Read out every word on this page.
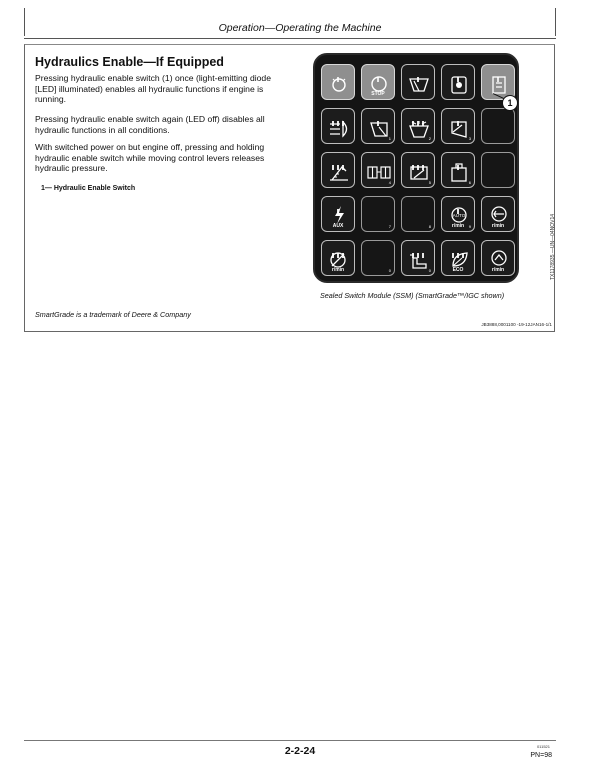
Operation—Operating the Machine
Hydraulics Enable—If Equipped

Pressing hydraulic enable switch (1) once (light-emitting diode [LED] illuminated) enables all hydraulic functions if engine is running.

Pressing hydraulic enable switch again (LED off) disables all hydraulic functions in all conditions.

With switched power on but engine off, pressing and holding hydraulic enable switch while moving control levers releases hydraulic pressure.

1— Hydraulic Enable Switch
STOP
1	2	3
4	5	6
AUX	7	8
AUTO
r/min	9	r/min
r/min	0	0	ECO	r/min
1
TX1178935 —UN—04NOV14
Sealed Switch Module (SSM) (SmartGrade™/IGC shown)
SmartGrade is a trademark of Deere & Company
JB3888,0001100 -19-12JAN16-1/1
2-2-24	011521
PN=98
